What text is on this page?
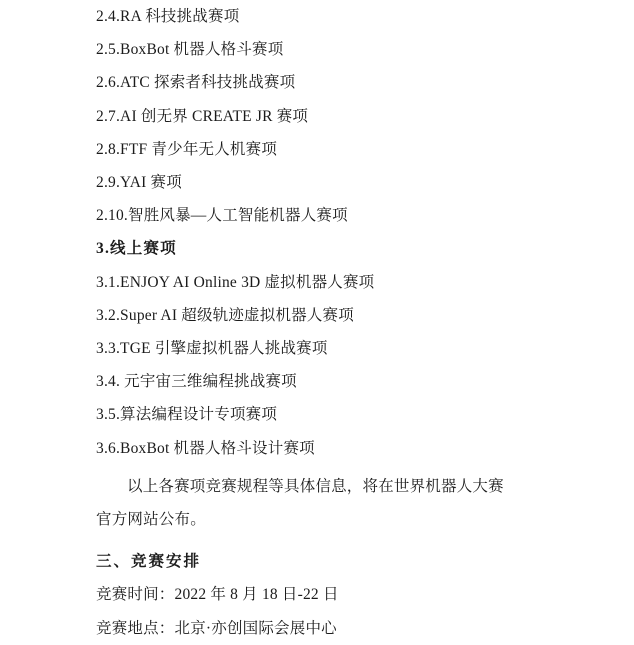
2.4.RA 科技挑战赛项
2.5.BoxBot 机器人格斗赛项
2.6.ATC 探索者科技挑战赛项
2.7.AI 创无界 CREATE JR 赛项
2.8.FTF 青少年无人机赛项
2.9.YAI 赛项
2.10.智胜风暴—人工智能机器人赛项
3.线上赛项
3.1.ENJOY AI Online 3D 虚拟机器人赛项
3.2.Super AI 超级轨迹虚拟机器人赛项
3.3.TGE 引擎虚拟机器人挑战赛项
3.4. 元宇宙三维编程挑战赛项
3.5.算法编程设计专项赛项
3.6.BoxBot 机器人格斗设计赛项
以上各赛项竞赛规程等具体信息，将在世界机器人大赛
官方网站公布。
三、竞赛安排
竞赛时间：2022 年 8 月 18 日-22 日
竞赛地点：北京·亦创国际会展中心
